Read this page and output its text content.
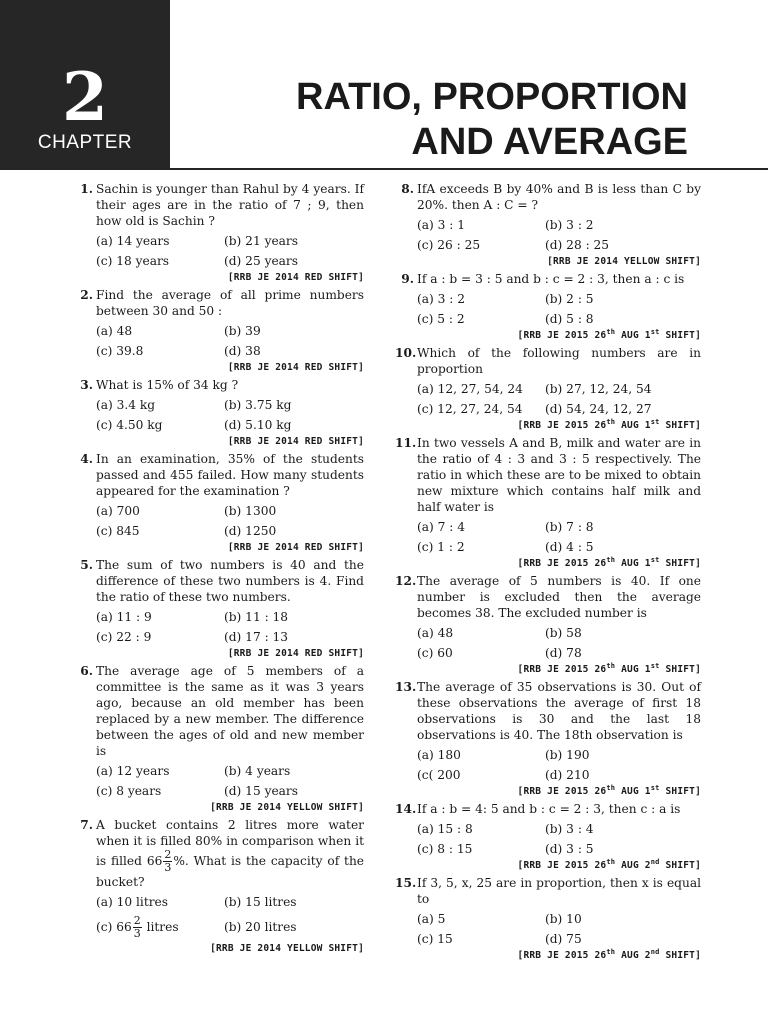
2
CHAPTER
RATIO, PROPORTION
AND AVERAGE
1. Sachin is younger than Rahul by 4 years. If their ages are in the ratio of 7 ; 9, then how old is Sachin ?
(a) 14 years	(b) 21 years
(c) 18 years	(d) 25 years
[RRB JE 2014 RED SHIFT]
2. Find the average of all prime numbers between 30 and 50 :
(a) 48	(b) 39
(c) 39.8	(d) 38
[RRB JE 2014 RED SHIFT]
3. What is 15% of 34 kg ?
(a) 3.4 kg	(b) 3.75 kg
(c) 4.50 kg	(d) 5.10 kg
[RRB JE 2014 RED SHIFT]
4. In an examination, 35% of the students passed and 455 failed. How many students appeared for the examination ?
(a) 700	(b) 1300
(c) 845	(d) 1250
[RRB JE 2014 RED SHIFT]
5. The sum of two numbers is 40 and the difference of these two numbers is 4. Find the ratio of these two numbers.
(a) 11 : 9	(b) 11 : 18
(c) 22 : 9	(d) 17 : 13
[RRB JE 2014 RED SHIFT]
6. The average age of 5 members of a committee is the same as it was 3 years ago, because an old member has been replaced by a new member. The difference between the ages of old and new member is
(a) 12 years	(b) 4 years
(c) 8 years	(d) 15 years
[RRB JE 2014 YELLOW SHIFT]
7. A bucket contains 2 litres more water when it is filled 80% in comparison when it is filled $66 \frac{2}{3}$ %. What is the capacity of the bucket?
(a) 10 litres	(b) 15 litres
(c) $66 \frac{2}{3}$ litres	(b) 20 litres
[RRB JE 2014 YELLOW SHIFT]
8. IfA exceeds B by 40% and B is less than C by 20%. then A : C = ?
(a) 3 : 1	(b) 3 : 2
(c) 26 : 25	(d) 28 : 25
[RRB JE 2014 YELLOW SHIFT]
9. If a : b = 3 : 5 and b : c = 2 : 3, then a : c is
(a) 3 : 2	(b) 2 : 5
(c) 5 : 2	(d) 5 : 8
[RRB JE 2015 26th AUG 1st SHIFT]
10. Which of the following numbers are in proportion
(a) 12, 27, 54, 24	(b) 27, 12, 24, 54
(c) 12, 27, 24, 54	(d) 54, 24, 12, 27
[RRB JE 2015 26th AUG 1st SHIFT]
11. In two vessels A and B, milk and water are in the ratio of 4 : 3 and 3 : 5 respectively. The ratio in which these are to be mixed to obtain new mixture which contains half milk and half water is
(a) 7 : 4	(b) 7 : 8
(c) 1 : 2	(d) 4 : 5
[RRB JE 2015 26th AUG 1st SHIFT]
12. The average of 5 numbers is 40. If one number is excluded then the average becomes 38. The excluded number is
(a) 48	(b) 58
(c) 60	(d) 78
[RRB JE 2015 26th AUG 1st SHIFT]
13. The average of 35 observations is 30. Out of these observations the average of first 18 observations is 30 and the last 18 observations is 40. The 18th observation is
(a) 180	(b) 190
(c( 200	(d) 210
[RRB JE 2015 26th AUG 1st SHIFT]
14. If a : b = 4: 5 and b : c = 2 : 3, then c : a is
(a) 15 : 8	(b) 3 : 4
(c) 8 : 15	(d) 3 : 5
[RRB JE 2015 26th AUG 2nd SHIFT]
15. If 3, 5, x, 25 are in proportion, then x is equal to
(a) 5	(b) 10
(c) 15	(d) 75
[RRB JE 2015 26th AUG 2nd SHIFT]
